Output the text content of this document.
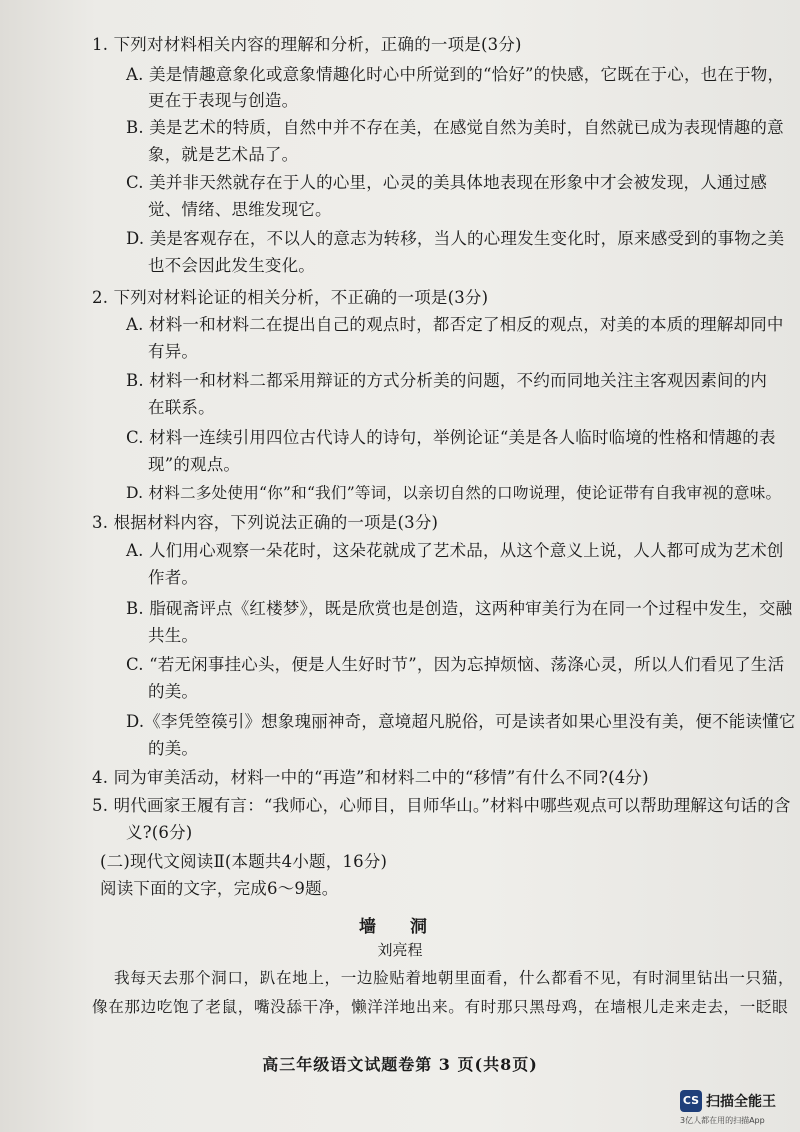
1. 下列对材料相关内容的理解和分析，正确的一项是(3分)
A. 美是情趣意象化或意象情趣化时心中所觉到的“恰好”的快感，它既在于心，也在于物，
更在于表现与创造。
B. 美是艺术的特质，自然中并不存在美，在感觉自然为美时，自然就已成为表现情趣的意
象，就是艺术品了。
C. 美并非天然就存在于人的心里，心灵的美具体地表现在形象中才会被发现，人通过感
觉、情绪、思维发现它。
D. 美是客观存在，不以人的意志为转移，当人的心理发生变化时，原来感受到的事物之美
也不会因此发生变化。
2. 下列对材料论证的相关分析，不正确的一项是(3分)
A. 材料一和材料二在提出自己的观点时，都否定了相反的观点，对美的本质的理解却同中
有异。
B. 材料一和材料二都采用辩证的方式分析美的问题，不约而同地关注主客观因素间的内
在联系。
C. 材料一连续引用四位古代诗人的诗句，举例论证“美是各人临时临境的性格和情趣的表
现”的观点。
D. 材料二多处使用“你”和“我们”等词，以亲切自然的口吻说理，使论证带有自我审视的意味。
3. 根据材料内容，下列说法正确的一项是(3分)
A. 人们用心观察一朵花时，这朵花就成了艺术品，从这个意义上说，人人都可成为艺术创
作者。
B. 脂砚斋评点《红楼梦》，既是欣赏也是创造，这两种审美行为在同一个过程中发生，交融
共生。
C. “若无闲事挂心头，便是人生好时节”，因为忘掉烦恼、荡涤心灵，所以人们看见了生活
的美。
D.《李凭箜篌引》想象瑰丽神奇，意境超凡脱俗，可是读者如果心里没有美，便不能读懂它
的美。
4. 同为审美活动，材料一中的“再造”和材料二中的“移情”有什么不同?(4分)
5. 明代画家王履有言：“我师心，心师目，目师华山。”材料中哪些观点可以帮助理解这句话的含
义?(6分)
(二)现代文阅读Ⅱ(本题共4小题，16分)
阅读下面的文字，完成6～9题。
墙 洞
刘亮程
我每天去那个洞口，趴在地上，一边脸贴着地朝里面看，什么都看不见，有时洞里钻出一只猫，
像在那边吃饱了老鼠，嘴没舔干净，懒洋洋地出来。有时那只黑母鸡，在墙根儿走来走去，一眨眼
高三年级语文试题卷第 3 页(共8页)
CS 扫描全能王
3亿人都在用的扫描App
